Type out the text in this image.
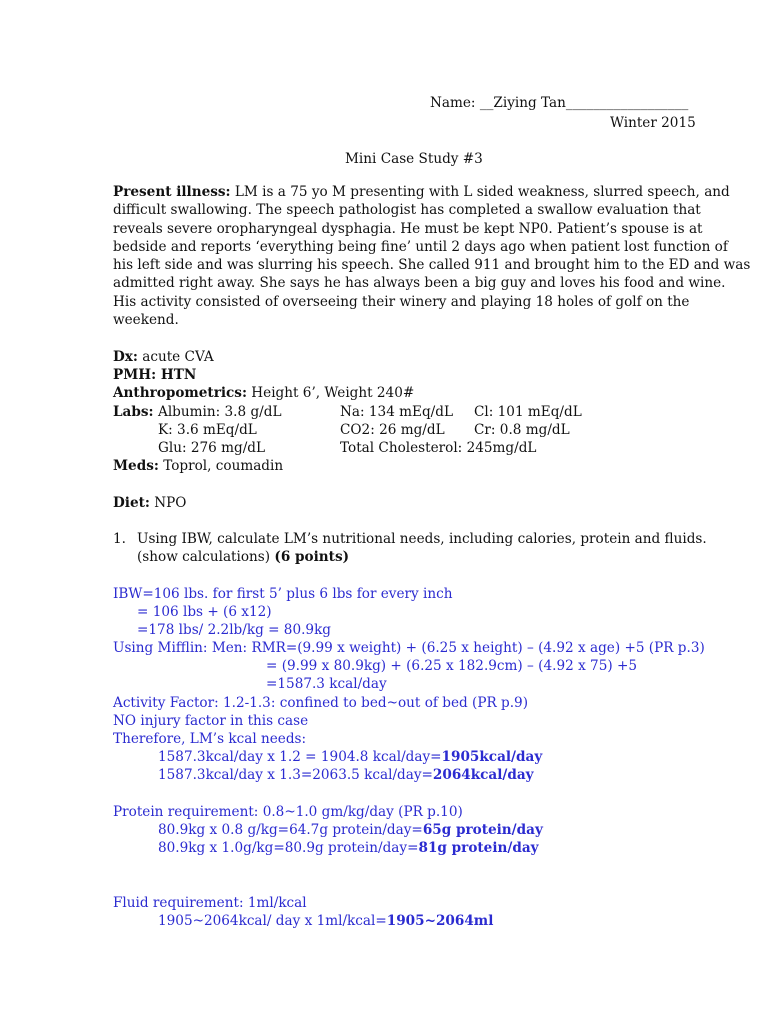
Name: __Ziying Tan__________________
Winter 2015
Mini Case Study #3
Present illness: LM is a 75 yo M presenting with L sided weakness, slurred speech, and
difficult swallowing. The speech pathologist has completed a swallow evaluation that
reveals severe oropharyngeal dysphagia. He must be kept NP0. Patient’s spouse is at
bedside and reports ‘everything being fine’ until 2 days ago when patient lost function of
his left side and was slurring his speech. She called 911 and brought him to the ED and was
admitted right away. She says he has always been a big guy and loves his food and wine.
His activity consisted of overseeing their winery and playing 18 holes of golf on the
weekend.
Dx: acute CVA
PMH: HTN
Anthropometrics: Height 6’, Weight 240#
Labs: Albumin: 3.8 g/dL	Na: 134 mEq/dL Cl: 101 mEq/dL
K: 3.6 mEq/dL	CO2: 26 mg/dL Cr: 0.8 mg/dL
Glu: 276 mg/dL	Total Cholesterol: 245mg/dL
Meds: Toprol, coumadin
Diet: NPO
1. Using IBW, calculate LM’s nutritional needs, including calories, protein and fluids.
(show calculations) (6 points)
IBW=106 lbs. for first 5’ plus 6 lbs for every inch
= 106 lbs + (6 x12)
=178 lbs/ 2.2lb/kg = 80.9kg
Using Mifflin: Men: RMR=(9.99 x weight) + (6.25 x height) – (4.92 x age) +5 (PR p.3)
= (9.99 x 80.9kg) + (6.25 x 182.9cm) – (4.92 x 75) +5
=1587.3 kcal/day
Activity Factor: 1.2-1.3: confined to bed~out of bed (PR p.9)
NO injury factor in this case
Therefore, LM’s kcal needs:
1587.3kcal/day x 1.2 = 1904.8 kcal/day=1905kcal/day
1587.3kcal/day x 1.3=2063.5 kcal/day=2064kcal/day
Protein requirement: 0.8~1.0 gm/kg/day (PR p.10)
80.9kg x 0.8 g/kg=64.7g protein/day=65g protein/day
80.9kg x 1.0g/kg=80.9g protein/day=81g protein/day
Fluid requirement: 1ml/kcal
1905~2064kcal/ day x 1ml/kcal=1905~2064ml
